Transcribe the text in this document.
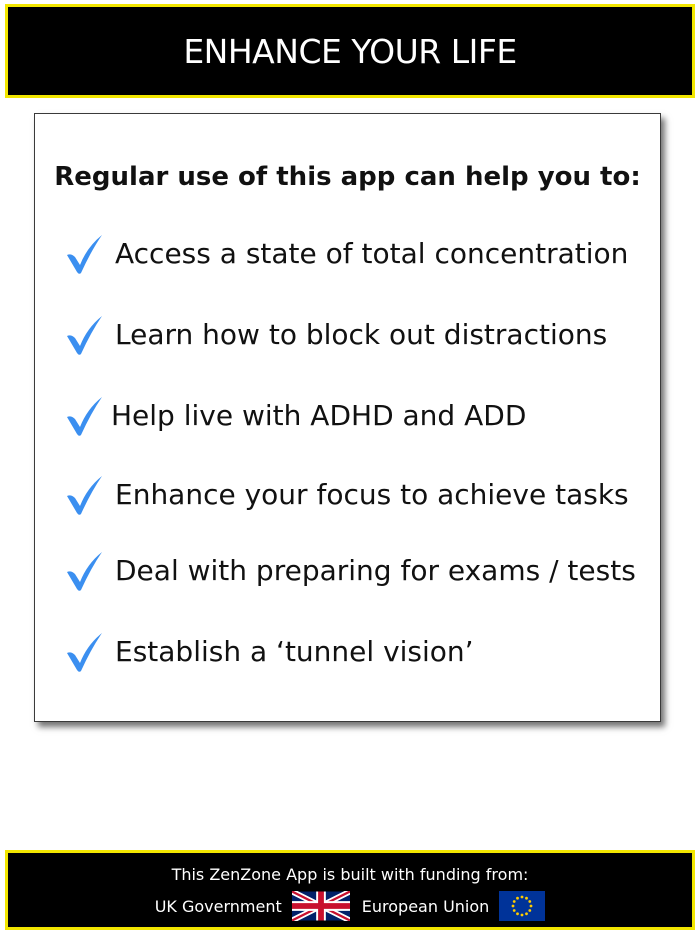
ENHANCE YOUR LIFE
Regular use of this app can help you to:
Access a state of total concentration
Learn how to block out distractions
Help live with ADHD and ADD
Enhance your focus to achieve tasks
Deal with preparing for exams / tests
Establish a ‘tunnel vision’
This ZenZone App is built with funding from:
UK Government	European Union
